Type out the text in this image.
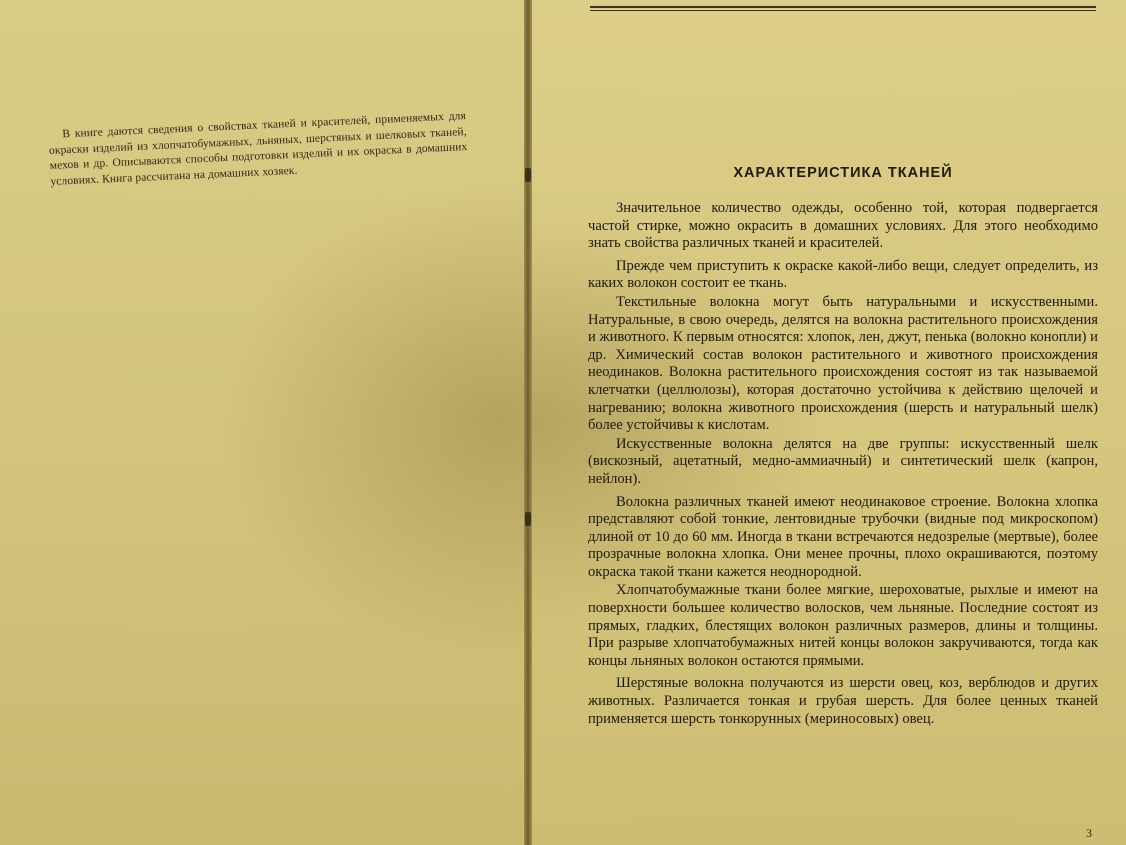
В книге даются сведения о свойствах тканей и красителей, применяемых для окраски изделий из хлопчатобумажных, льняных, шерстяных и шелковых тканей, мехов и др. Описываются способы подготовки изделий и их окраска в домашних условиях. Книга рассчитана на домашних хозяек.	ХАРАКТЕРИСТИКА ТКАНЕЙ

Значительное количество одежды, особенно той, которая подвергается частой стирке, можно окрасить в домашних условиях. Для этого необходимо знать свойства различных тканей и красителей.

Прежде чем приступить к окраске какой-либо вещи, следует определить, из каких волокон состоит ее ткань.

Текстильные волокна могут быть натуральными и искусственными. Натуральные, в свою очередь, делятся на волокна растительного происхождения и животного. К первым относятся: хлопок, лен, джут, пенька (волокно конопли) и др. Химический состав волокон растительного и животного происхождения неодинаков. Волокна растительного происхождения состоят из так называемой клетчатки (целлюлозы), которая достаточно устойчива к действию щелочей и нагреванию; волокна животного происхождения (шерсть и натуральный шелк) более устойчивы к кислотам.

Искусственные волокна делятся на две группы: искусственный шелк (вискозный, ацетатный, медно-аммиачный) и синтетический шелк (капрон, нейлон).

Волокна различных тканей имеют неодинаковое строение. Волокна хлопка представляют собой тонкие, лентовидные трубочки (видные под микроскопом) длиной от 10 до 60 мм. Иногда в ткани встречаются недозрелые (мертвые), более прозрачные волокна хлопка. Они менее прочны, плохо окрашиваются, поэтому окраска такой ткани кажется неоднородной.

Хлопчатобумажные ткани более мягкие, шероховатые, рыхлые и имеют на поверхности большее количество волосков, чем льняные. Последние состоят из прямых, гладких, блестящих волокон различных размеров, длины и толщины. При разрыве хлопчатобумажных нитей концы волокон закручиваются, тогда как концы льняных волокон остаются прямыми.

Шерстяные волокна получаются из шерсти овец, коз, верблюдов и других животных. Различается тонкая и грубая шерсть. Для более ценных тканей применяется шерсть тонкорунных (мериносовых) овец.

3
